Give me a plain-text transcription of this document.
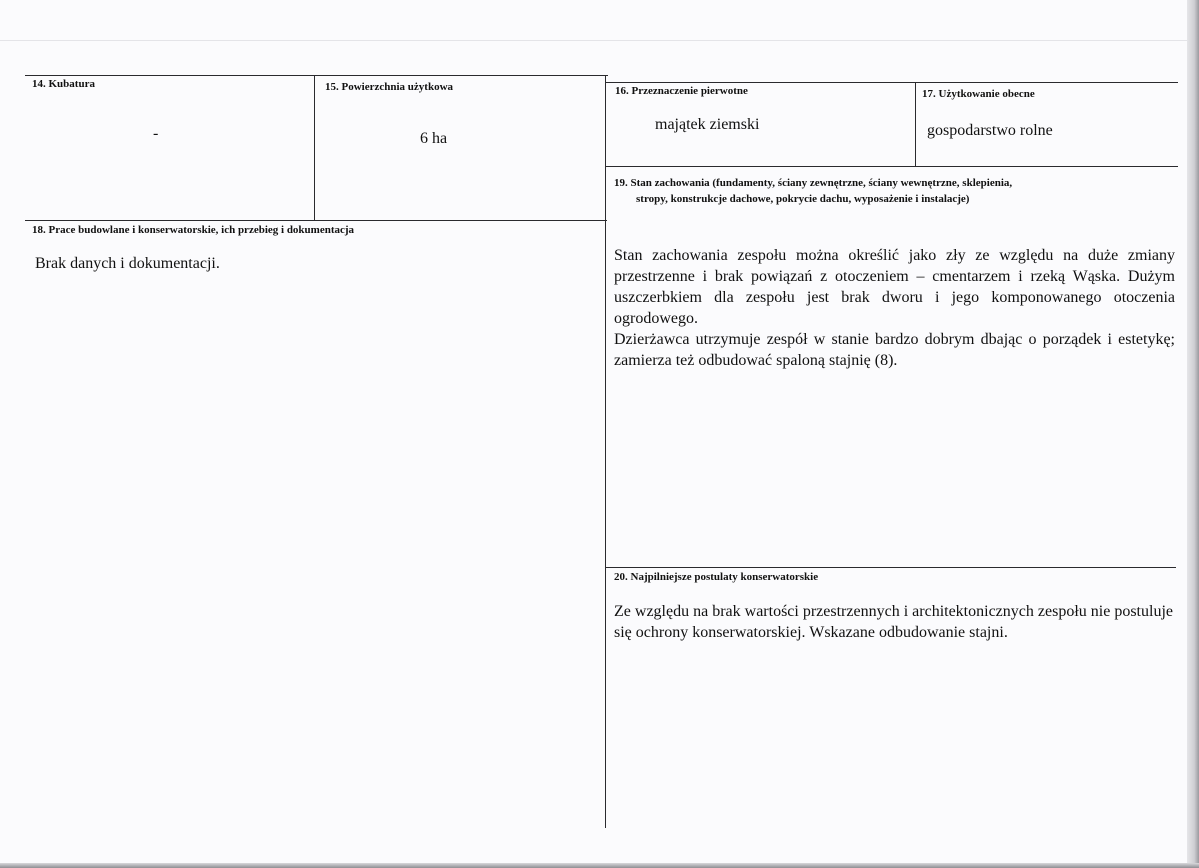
14. Kubatura
-
15. Powierzchnia użytkowa
6 ha
16. Przeznaczenie pierwotne
majątek ziemski
17. Użytkowanie obecne
gospodarstwo rolne
18. Prace budowlane i konserwatorskie, ich przebieg i dokumentacja
Brak danych i dokumentacji.
19. Stan zachowania (fundamenty, ściany zewnętrzne, ściany wewnętrzne, sklepienia,
stropy, konstrukcje dachowe, pokrycie dachu, wyposażenie i instalacje)

Stan zachowania zespołu można określić jako zły ze względu na duże zmiany przestrzenne i brak powiązań z otoczeniem – cmentarzem i rzeką Wąska. Dużym uszczerbkiem dla zespołu jest brak dworu i jego komponowanego otoczenia ogrodowego.

Dzierżawca utrzymuje zespół w stanie bardzo dobrym dbając o porządek i estetykę; zamierza też odbudować spaloną stajnię (8).

20. Najpilniejsze postulaty konserwatorskie
Ze względu na brak wartości przestrzennych i architektonicznych zespołu nie postuluje się ochrony konserwatorskiej. Wskazane odbudowanie stajni.
